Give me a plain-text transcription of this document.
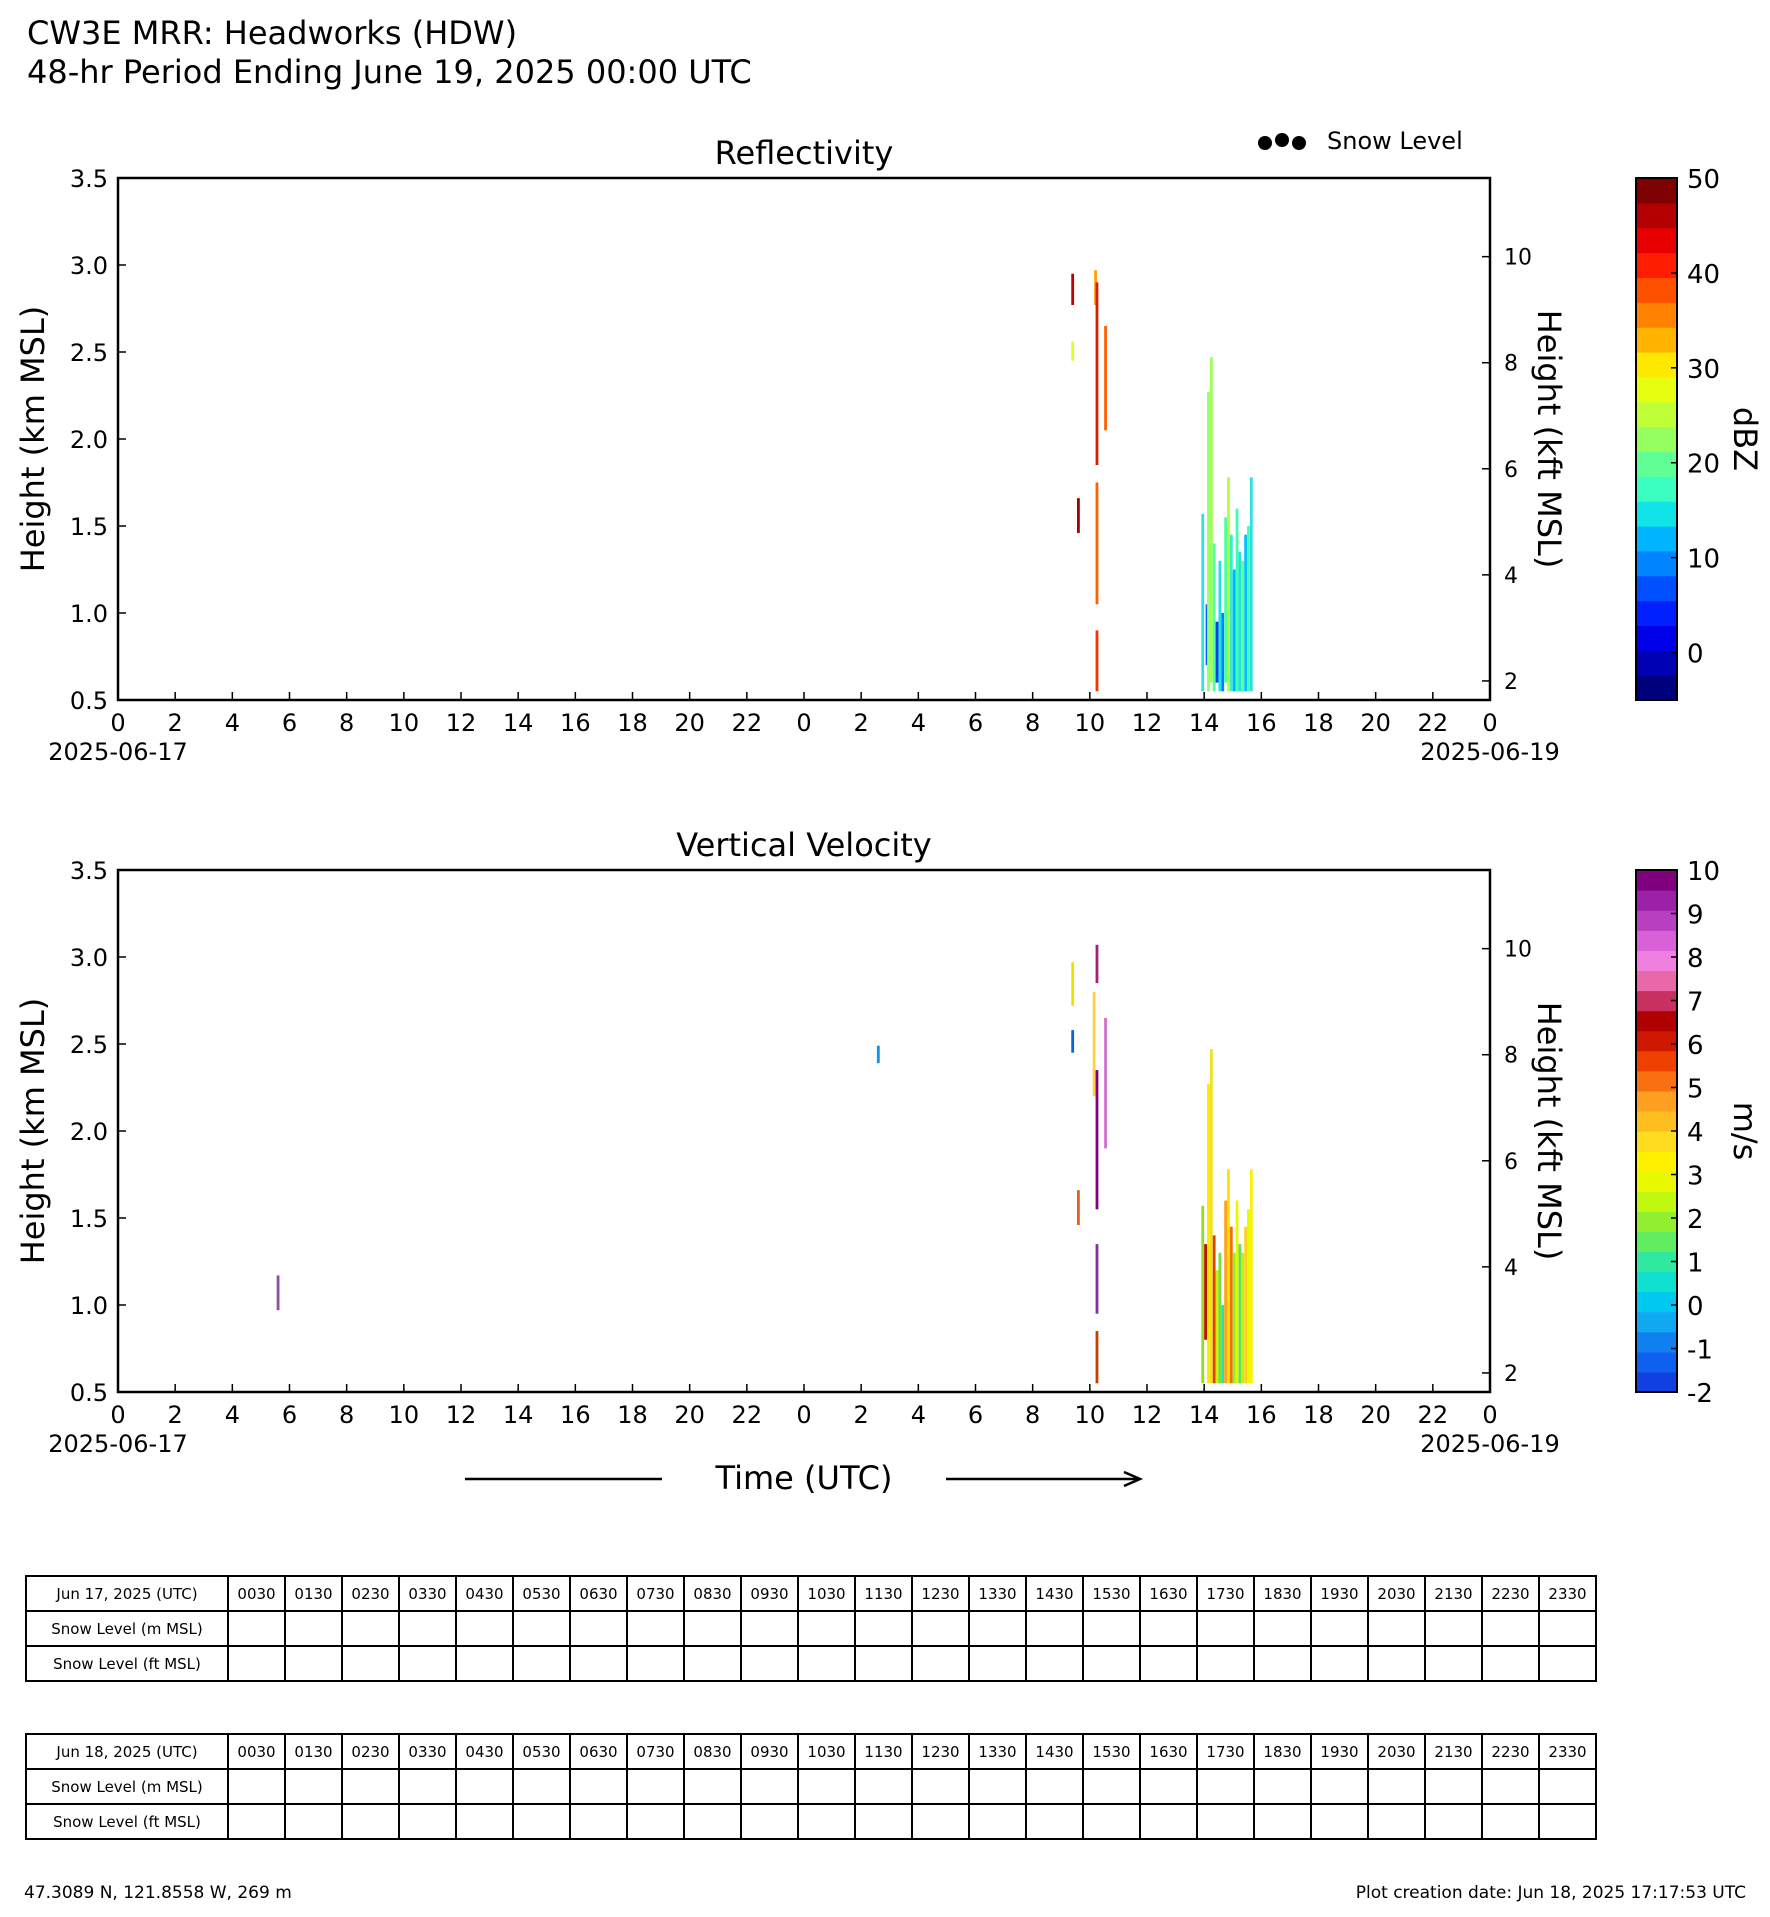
CW3E MRR: Headworks (HDW)
48-hr Period Ending June 19, 2025 00:00 UTC
Snow Level
Reflectivity
0.5
1.0
1.5
2.0
2.5
3.0
3.5
2
4
6
8
10
0 2 4 6 8 10 12 14 16 18 20 22 0 2 4 6 8 10 12 14 16 18 20 22 0
2025-06-17	2025-06-19
Height (km MSL)	Height (kft MSL)
0
10
20
30
40
50
dBZ
Vertical Velocity
0.5
1.0
1.5
2.0
2.5
3.0
3.5
2
4
6
8
10
0 2 4 6 8 10 12 14 16 18 20 22 0 2 4 6 8 10 12 14 16 18 20 22 0
2025-06-17	2025-06-19
Height (km MSL)	Height (kft MSL)
-2
-1
0
1
2
3
4
5
6
7
8
9
10
m/s
Time (UTC)
Jun 17, 2025 (UTC)	0030	0130	0230	0330	0430	0530	0630	0730	0830	0930	1030	1130	1230	1330	1430	1530	1630	1730	1830	1930	2030	2130	2230	2330
Snow Level (m MSL)																								
Snow Level (ft MSL)																								
Jun 18, 2025 (UTC)	0030	0130	0230	0330	0430	0530	0630	0730	0830	0930	1030	1130	1230	1330	1430	1530	1630	1730	1830	1930	2030	2130	2230	2330
Snow Level (m MSL)																								
Snow Level (ft MSL)																								
47.3089 N, 121.8558 W, 269 m	Plot creation date: Jun 18, 2025 17:17:53 UTC
